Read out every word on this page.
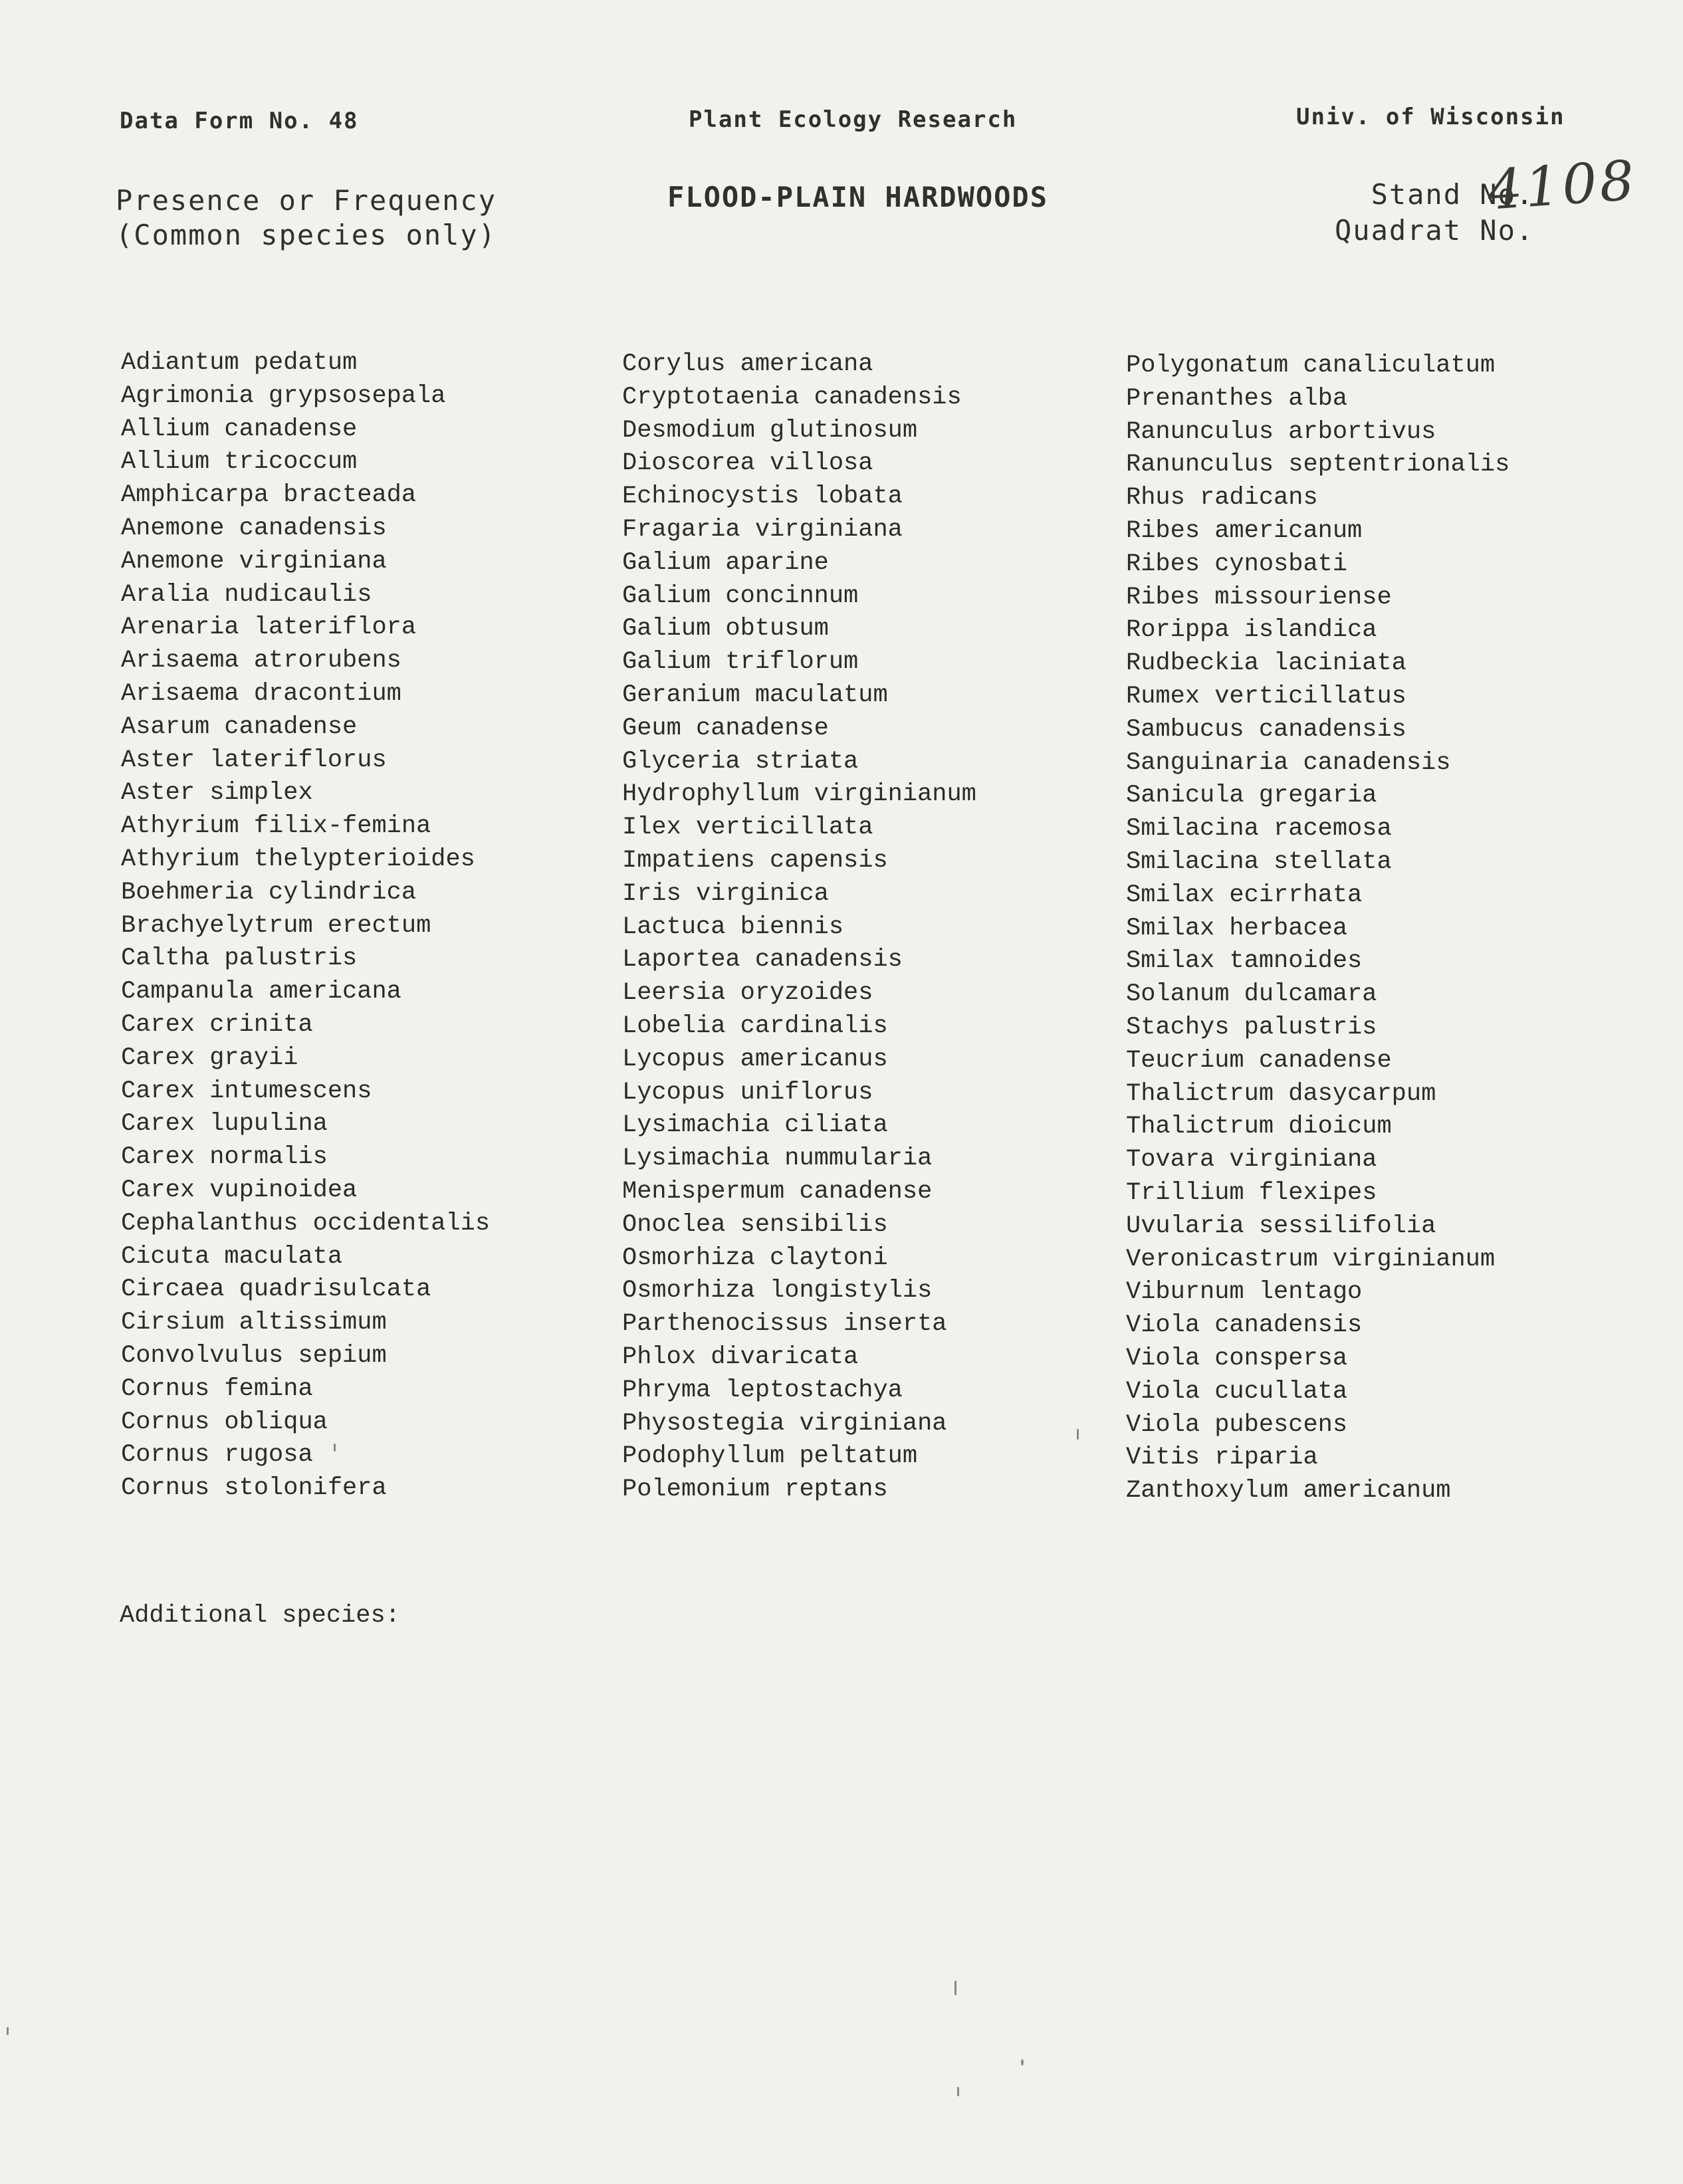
Data Form No. 48	Plant Ecology Research	Univ. of Wisconsin
Presence or Frequency
(Common species only)
FLOOD-PLAIN HARDWOODS	Stand No.
Quadrat No.
4108
Adiantum pedatum
Agrimonia grypsosepala
Allium canadense
Allium tricoccum
Amphicarpa bracteada
Anemone canadensis
Anemone virginiana
Aralia nudicaulis
Arenaria lateriflora
Arisaema atrorubens
Arisaema dracontium
Asarum canadense
Aster lateriflorus
Aster simplex
Athyrium filix-femina
Athyrium thelypterioides
Boehmeria cylindrica
Brachyelytrum erectum
Caltha palustris
Campanula americana
Carex crinita
Carex grayii
Carex intumescens
Carex lupulina
Carex normalis
Carex vupinoidea
Cephalanthus occidentalis
Cicuta maculata
Circaea quadrisulcata
Cirsium altissimum
Convolvulus sepium
Cornus femina
Cornus obliqua
Cornus rugosa
Cornus stolonifera
Corylus americana
Cryptotaenia canadensis
Desmodium glutinosum
Dioscorea villosa
Echinocystis lobata
Fragaria virginiana
Galium aparine
Galium concinnum
Galium obtusum
Galium triflorum
Geranium maculatum
Geum canadense
Glyceria striata
Hydrophyllum virginianum
Ilex verticillata
Impatiens capensis
Iris virginica
Lactuca biennis
Laportea canadensis
Leersia oryzoides
Lobelia cardinalis
Lycopus americanus
Lycopus uniflorus
Lysimachia ciliata
Lysimachia nummularia
Menispermum canadense
Onoclea sensibilis
Osmorhiza claytoni
Osmorhiza longistylis
Parthenocissus inserta
Phlox divaricata
Phryma leptostachya
Physostegia virginiana
Podophyllum peltatum
Polemonium reptans
Polygonatum canaliculatum
Prenanthes alba
Ranunculus arbortivus
Ranunculus septentrionalis
Rhus radicans
Ribes americanum
Ribes cynosbati
Ribes missouriense
Rorippa islandica
Rudbeckia laciniata
Rumex verticillatus
Sambucus canadensis
Sanguinaria canadensis
Sanicula gregaria
Smilacina racemosa
Smilacina stellata
Smilax ecirrhata
Smilax herbacea
Smilax tamnoides
Solanum dulcamara
Stachys palustris
Teucrium canadense
Thalictrum dasycarpum
Thalictrum dioicum
Tovara virginiana
Trillium flexipes
Uvularia sessilifolia
Veronicastrum virginianum
Viburnum lentago
Viola canadensis
Viola conspersa
Viola cucullata
Viola pubescens
Vitis riparia
Zanthoxylum americanum
Additional species:
